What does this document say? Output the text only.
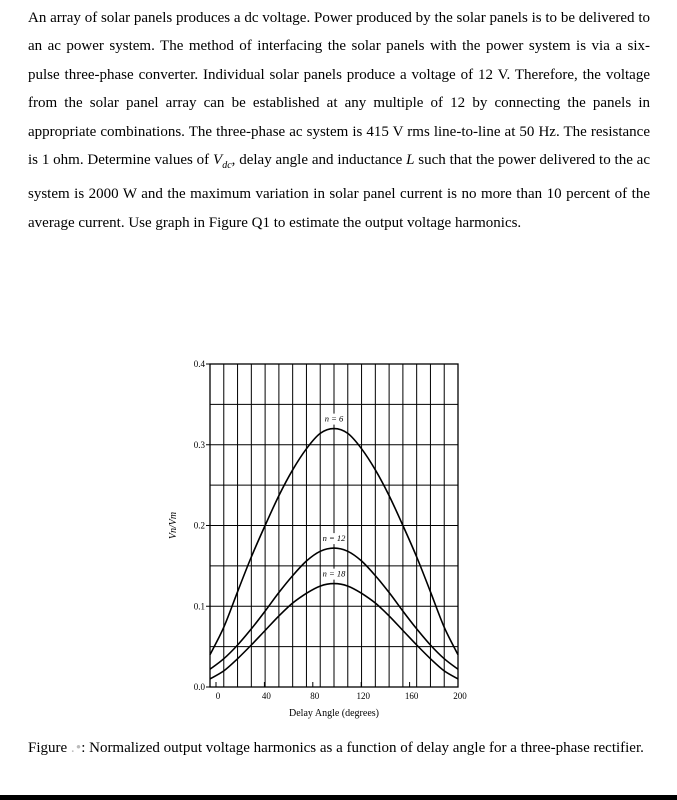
An array of solar panels produces a dc voltage. Power produced by the solar panels is to be delivered to an ac power system. The method of interfacing the solar panels with the power system is via a six-pulse three-phase converter. Individual solar panels produce a voltage of 12 V. Therefore, the voltage from the solar panel array can be established at any multiple of 12 by connecting the panels in appropriate combinations. The three-phase ac system is 415 V rms line-to-line at 50 Hz. The resistance is 1 ohm. Determine values of $V_{dc}$, delay angle and inductance L such that the power delivered to the ac system is 2000 W and the maximum variation in solar panel current is no more than 10 percent of the average current. Use graph in Figure Q1 to estimate the output voltage harmonics.
0.0
0.1
0.2
0.3
0.4
0	40	80	120	160	200
Delay Angle (degrees)
Vn/Vm
n = 6
n = 12
n = 18
Figure . •: Normalized output voltage harmonics as a function of delay angle for a three-phase rectifier.
